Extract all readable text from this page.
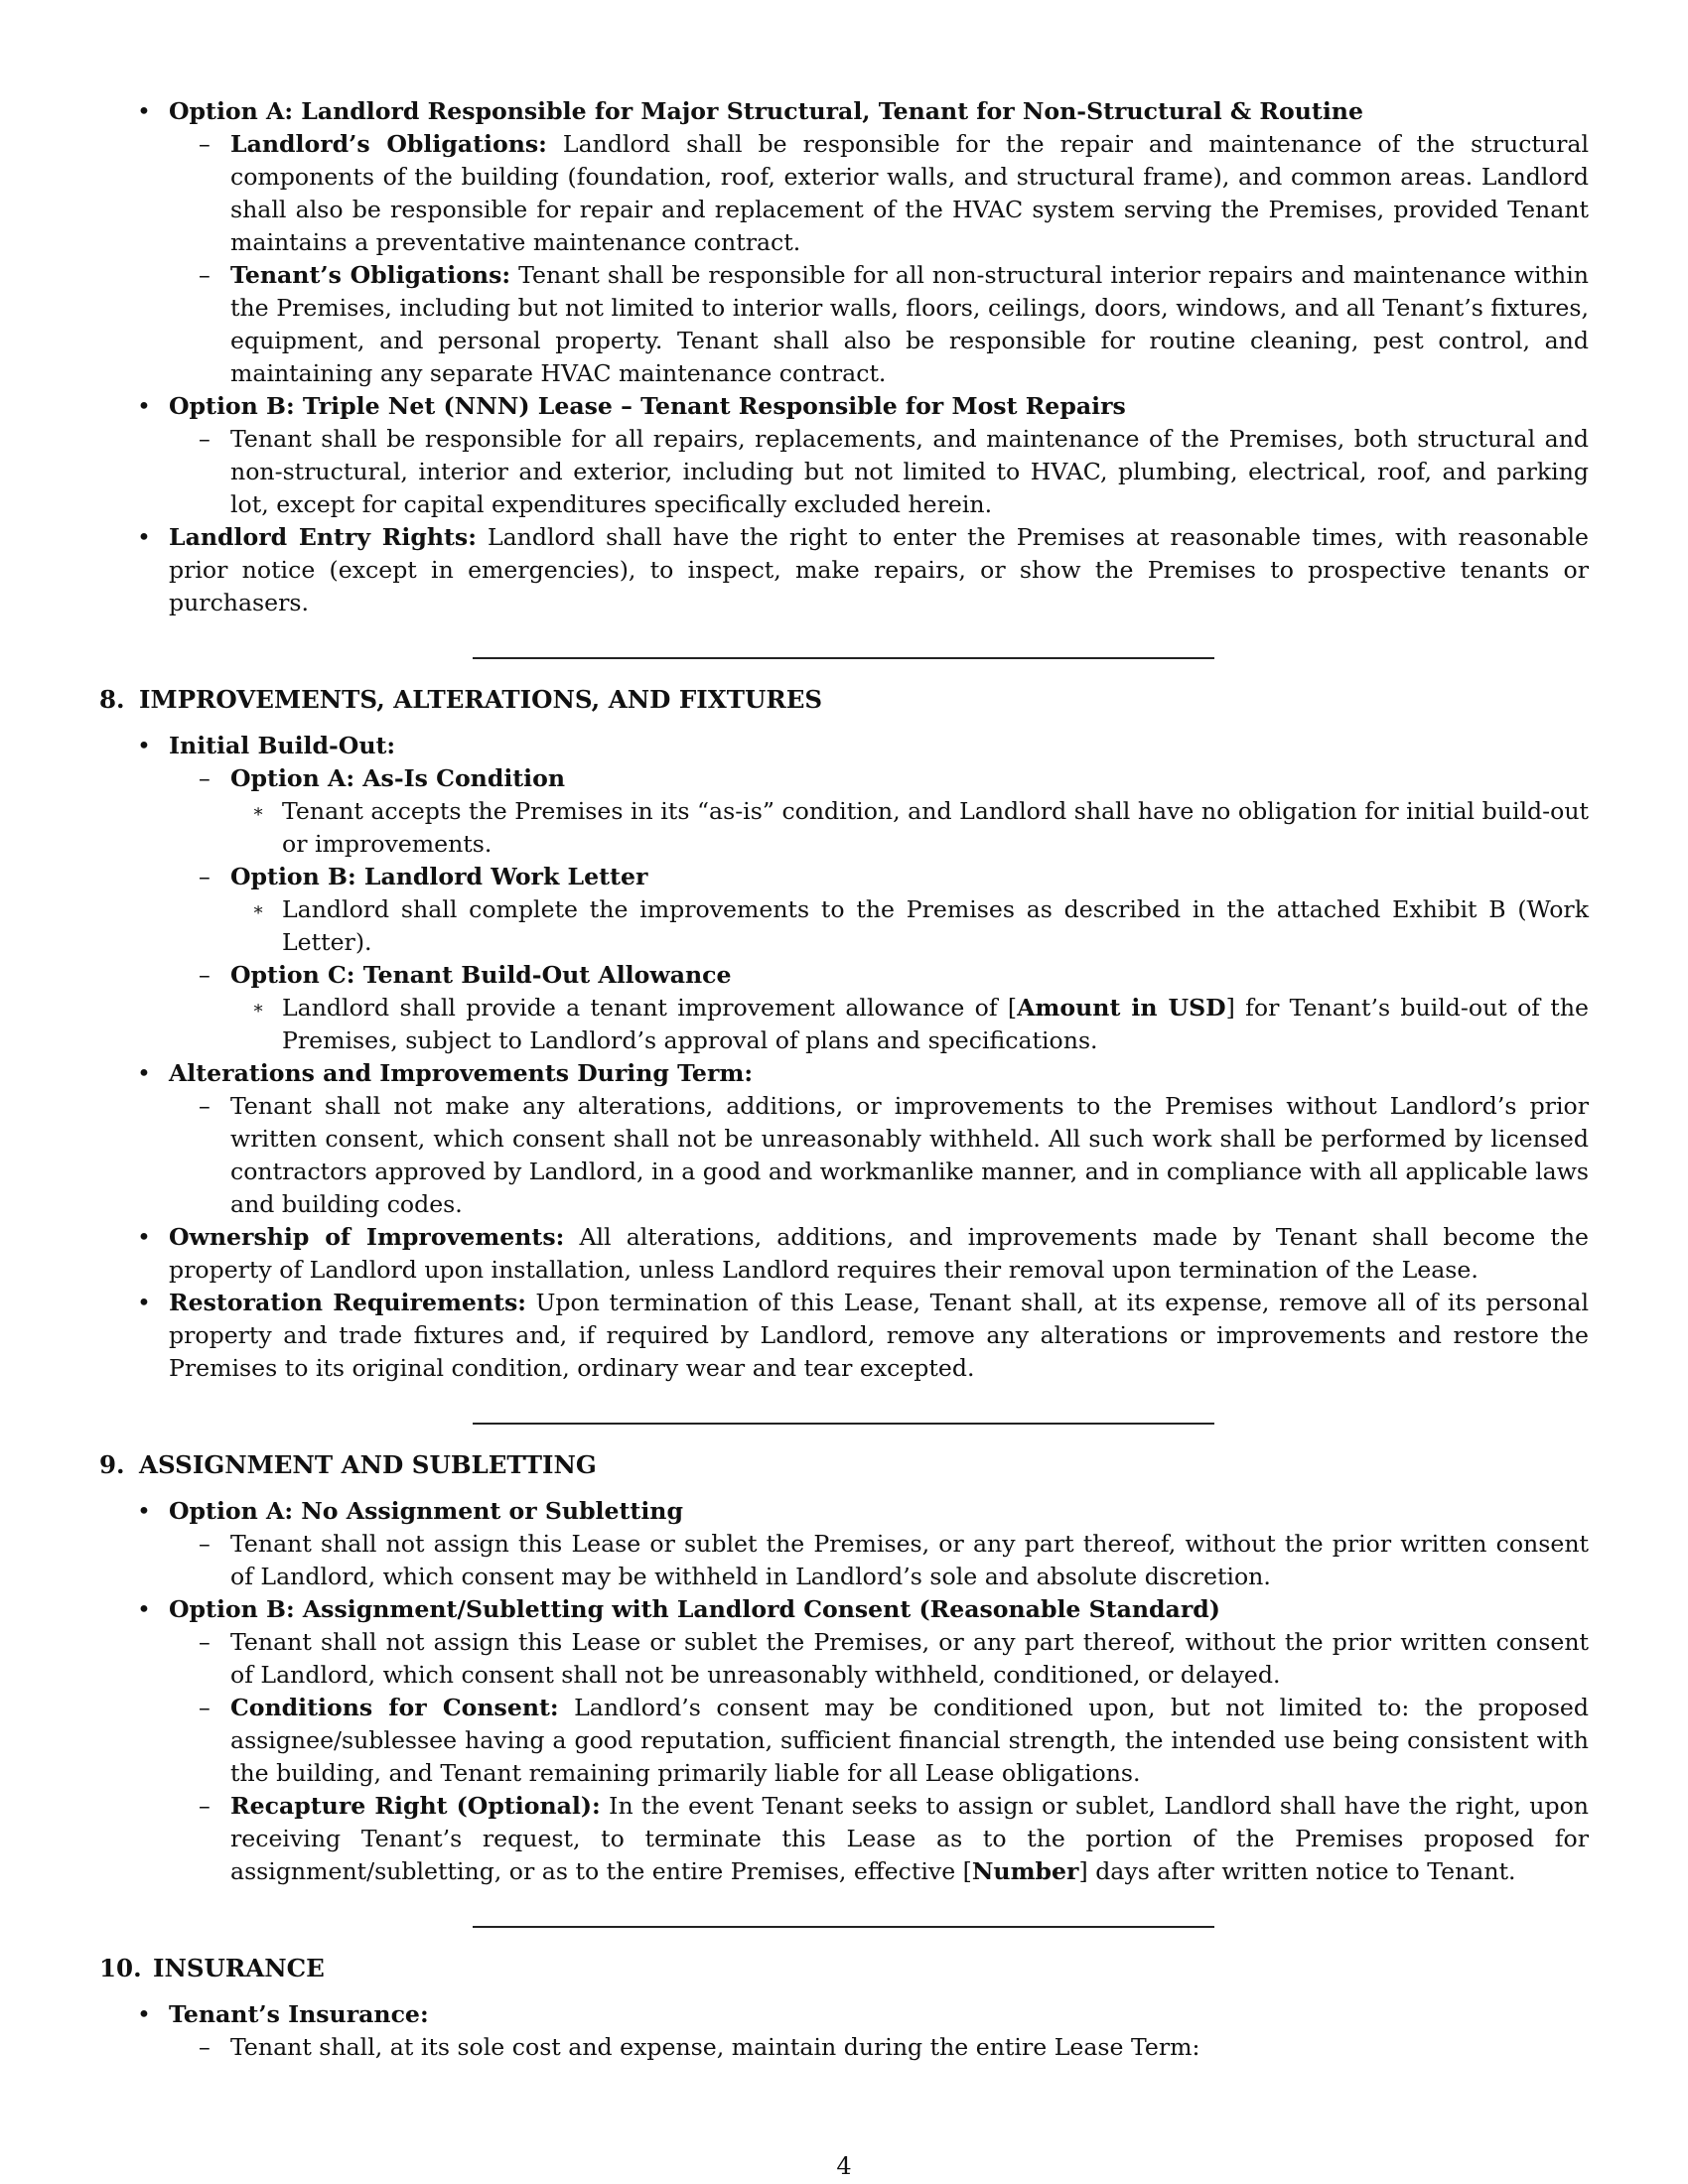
• Option A: Landlord Responsible for Major Structural, Tenant for Non-Structural & Routine
– Landlord’s Obligations: Landlord shall be responsible for the repair and maintenance of the structural components of the building (foundation, roof, exterior walls, and structural frame), and common areas. Landlord shall also be responsible for repair and replacement of the HVAC system serving the Premises, provided Tenant maintains a preventative maintenance contract.
– Tenant’s Obligations: Tenant shall be responsible for all non-structural interior repairs and maintenance within the Premises, including but not limited to interior walls, floors, ceilings, doors, windows, and all Tenant’s fixtures, equipment, and personal property. Tenant shall also be responsible for routine cleaning, pest control, and maintaining any separate HVAC maintenance contract.
• Option B: Triple Net (NNN) Lease – Tenant Responsible for Most Repairs
– Tenant shall be responsible for all repairs, replacements, and maintenance of the Premises, both structural and non-structural, interior and exterior, including but not limited to HVAC, plumbing, electrical, roof, and parking lot, except for capital expenditures specifically excluded herein.
• Landlord Entry Rights: Landlord shall have the right to enter the Premises at reasonable times, with reasonable prior notice (except in emergencies), to inspect, make repairs, or show the Premises to prospective tenants or purchasers.
8. IMPROVEMENTS, ALTERATIONS, AND FIXTURES
• Initial Build-Out:
– Option A: As-Is Condition
∗ Tenant accepts the Premises in its “as-is” condition, and Landlord shall have no obligation for initial build-out or improvements.
– Option B: Landlord Work Letter
∗ Landlord shall complete the improvements to the Premises as described in the attached Exhibit B (Work Letter).
– Option C: Tenant Build-Out Allowance
∗ Landlord shall provide a tenant improvement allowance of [Amount in USD] for Tenant’s build-out of the Premises, subject to Landlord’s approval of plans and specifications.
• Alterations and Improvements During Term:
– Tenant shall not make any alterations, additions, or improvements to the Premises without Landlord’s prior written consent, which consent shall not be unreasonably withheld. All such work shall be performed by licensed contractors approved by Landlord, in a good and workmanlike manner, and in compliance with all applicable laws and building codes.
• Ownership of Improvements: All alterations, additions, and improvements made by Tenant shall become the property of Landlord upon installation, unless Landlord requires their removal upon termination of the Lease.
• Restoration Requirements: Upon termination of this Lease, Tenant shall, at its expense, remove all of its personal property and trade fixtures and, if required by Landlord, remove any alterations or improvements and restore the Premises to its original condition, ordinary wear and tear excepted.
9. ASSIGNMENT AND SUBLETTING
• Option A: No Assignment or Subletting
– Tenant shall not assign this Lease or sublet the Premises, or any part thereof, without the prior written consent of Landlord, which consent may be withheld in Landlord’s sole and absolute discretion.
• Option B: Assignment/Subletting with Landlord Consent (Reasonable Standard)
– Tenant shall not assign this Lease or sublet the Premises, or any part thereof, without the prior written consent of Landlord, which consent shall not be unreasonably withheld, conditioned, or delayed.
– Conditions for Consent: Landlord’s consent may be conditioned upon, but not limited to: the proposed assignee/sublessee having a good reputation, sufficient financial strength, the intended use being consistent with the building, and Tenant remaining primarily liable for all Lease obligations.
– Recapture Right (Optional): In the event Tenant seeks to assign or sublet, Landlord shall have the right, upon receiving Tenant’s request, to terminate this Lease as to the portion of the Premises proposed for assignment/subletting, or as to the entire Premises, effective [Number] days after written notice to Tenant.
10. INSURANCE
• Tenant’s Insurance:
– Tenant shall, at its sole cost and expense, maintain during the entire Lease Term:
4
